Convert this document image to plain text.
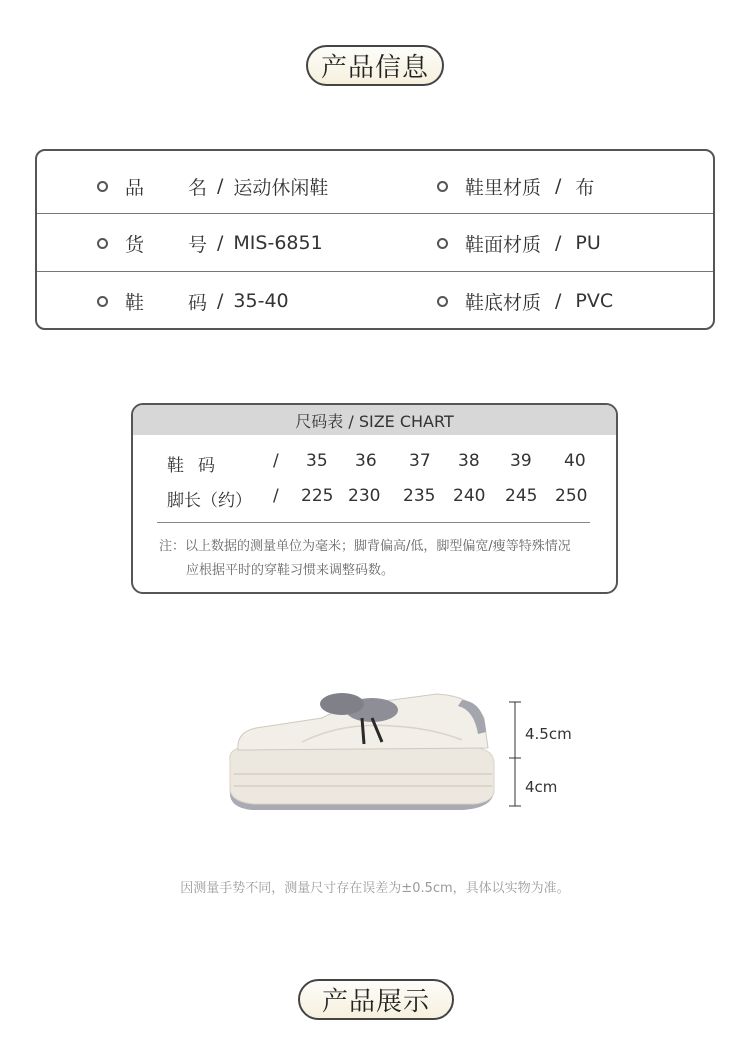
产品信息
品名 / 运动休闲鞋	鞋里材质 / 布
货号 / MIS-6851	鞋面材质 / PU
鞋码 / 35-40	鞋底材质 / PVC
尺码表 / SIZE CHART
鞋码	/ 35 36 37 38 39 40
脚长（约） / 225 230 235 240 245 250
注：以上数据的测量单位为毫米；脚背偏高/低，脚型偏宽/瘦等特殊情况
应根据平时的穿鞋习惯来调整码数。
4.5cm
4cm
因测量手势不同，测量尺寸存在误差为±0.5cm，具体以实物为准。
产品展示
